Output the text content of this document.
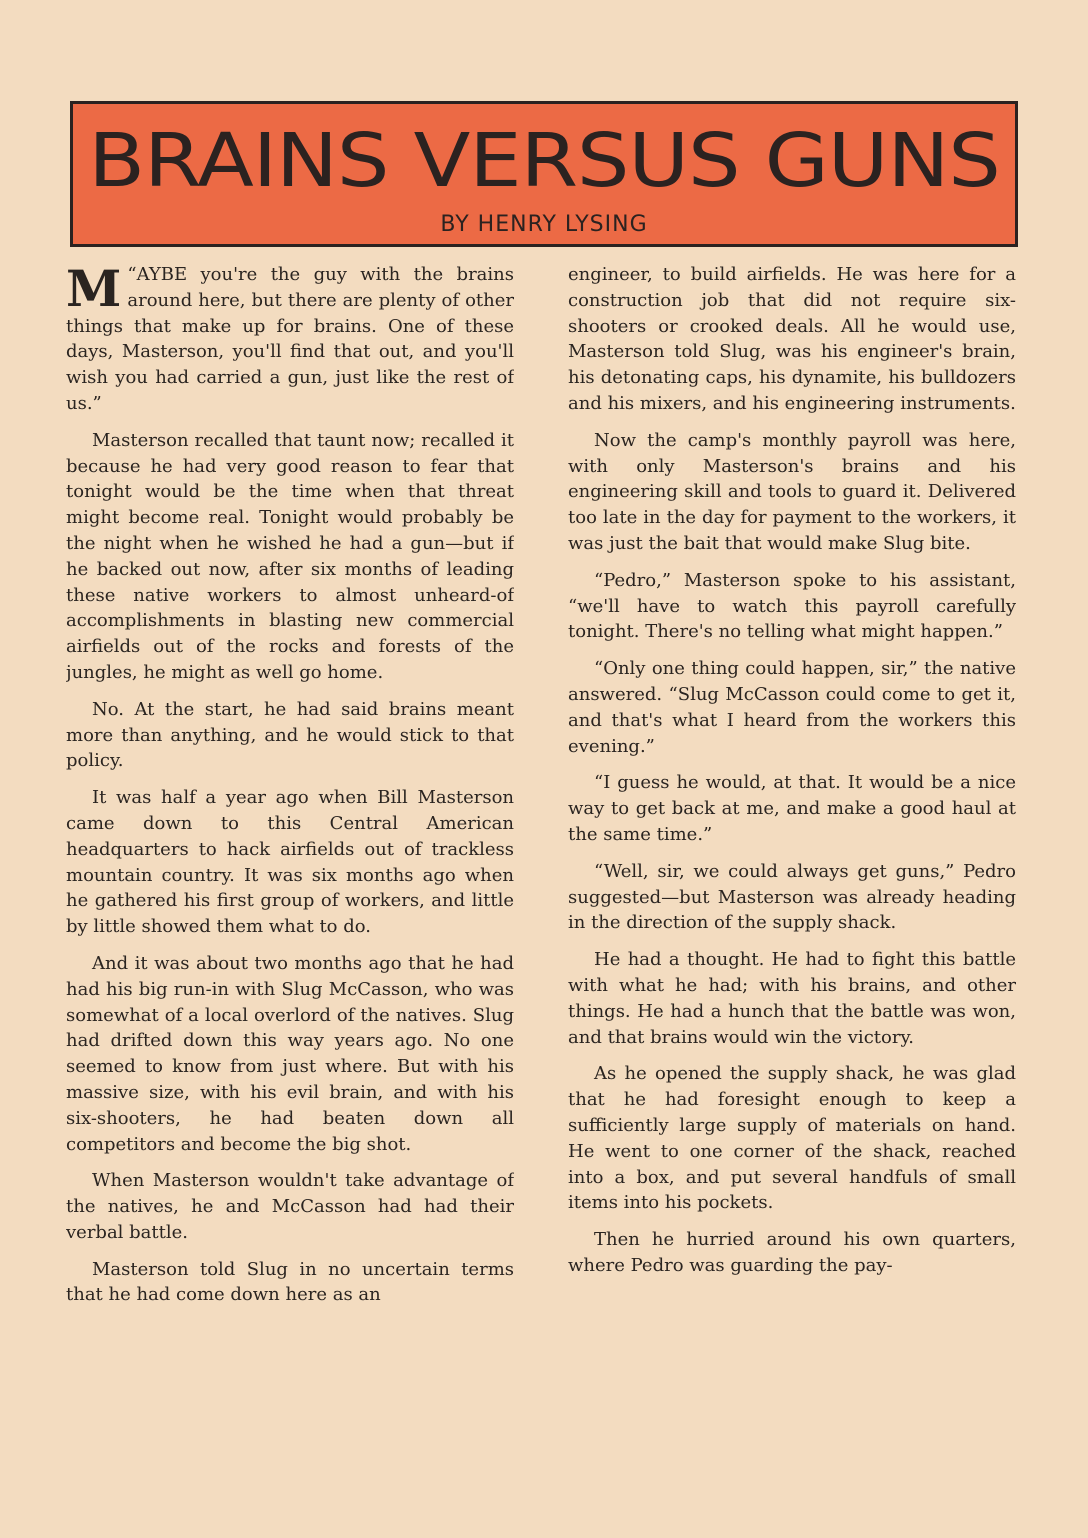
BRAINS VERSUS GUNS
BY HENRY LYSING

“
M AYBE you're the guy with the brains around here, but there are plenty of other things that make up for brains. One of these days, Masterson, you'll find that out, and you'll wish you had carried a gun, just like the rest of us.”

Masterson recalled that taunt now; recalled it because he had very good reason to fear that tonight would be the time when that threat might become real. Tonight would probably be the night when he wished he had a gun—but if he backed out now, after six months of leading these native workers to almost unheard-of accomplishments in blasting new commercial airfields out of the rocks and forests of the jungles, he might as well go home.

No. At the start, he had said brains meant more than anything, and he would stick to that policy.

It was half a year ago when Bill Masterson came down to this Central American headquarters to hack airfields out of trackless mountain country. It was six months ago when he gathered his first group of workers, and little by little showed them what to do.

And it was about two months ago that he had had his big run-in with Slug McCasson, who was somewhat of a local overlord of the natives. Slug had drifted down this way years ago. No one seemed to know from just where. But with his massive size, with his evil brain, and with his six-shooters, he had beaten down all competitors and become the big shot.

When Masterson wouldn't take advantage of the natives, he and McCasson had had their verbal battle.

Masterson told Slug in no uncertain terms that he had come down here as an

engineer, to build airfields. He was here for a construction job that did not require six-shooters or crooked deals. All he would use, Masterson told Slug, was his engineer's brain, his detonating caps, his dynamite, his bulldozers and his mixers, and his engineering instruments.

Now the camp's monthly payroll was here, with only Masterson's brains and his engineering skill and tools to guard it. Delivered too late in the day for payment to the workers, it was just the bait that would make Slug bite.

“Pedro,” Masterson spoke to his assistant, “we'll have to watch this payroll carefully tonight. There's no telling what might happen.”

“Only one thing could happen, sir,” the native answered. “Slug McCasson could come to get it, and that's what I heard from the workers this evening.”

“I guess he would, at that. It would be a nice way to get back at me, and make a good haul at the same time.”

“Well, sir, we could always get guns,” Pedro suggested—but Masterson was already heading in the direction of the supply shack.

He had a thought. He had to fight this battle with what he had; with his brains, and other things. He had a hunch that the battle was won, and that brains would win the victory.

As he opened the supply shack, he was glad that he had foresight enough to keep a sufficiently large supply of materials on hand. He went to one corner of the shack, reached into a box, and put several handfuls of small items into his pockets.

Then he hurried around his own quarters, where Pedro was guarding the pay-
